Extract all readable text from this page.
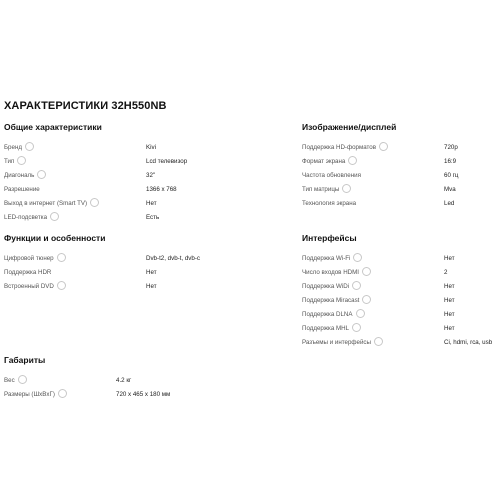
ХАРАКТЕРИСТИКИ 32H550NB
Общие характеристики
Бренд	Kivi
Тип	Lcd телевизор
Диагональ	32"
Разрешение	1366 x 768
Выход в интернет (Smart TV)	Нет
LED-подсветка	Есть
Изображение/дисплей
Поддержка HD-форматов	720p
Формат экрана	16:9
Частота обновления	60 гц
Тип матрицы	Mva
Технология экрана	Led
Функции и особенности
Цифровой тюнер	Dvb-t2, dvb-t, dvb-c
Поддержка HDR	Нет
Встроенный DVD	Нет
Интерфейсы
Поддержка Wi-Fi	Нет
Число входов HDMI	2
Поддержка WiDi	Нет
Поддержка Miracast	Нет
Поддержка DLNA	Нет
Поддержка MHL	Нет
Разъемы и интерфейсы	Ci, hdmi, rca, usb
Габариты
Вес	4.2 кг
Размеры (ШxВxГ)	720 x 465 x 180 мм
